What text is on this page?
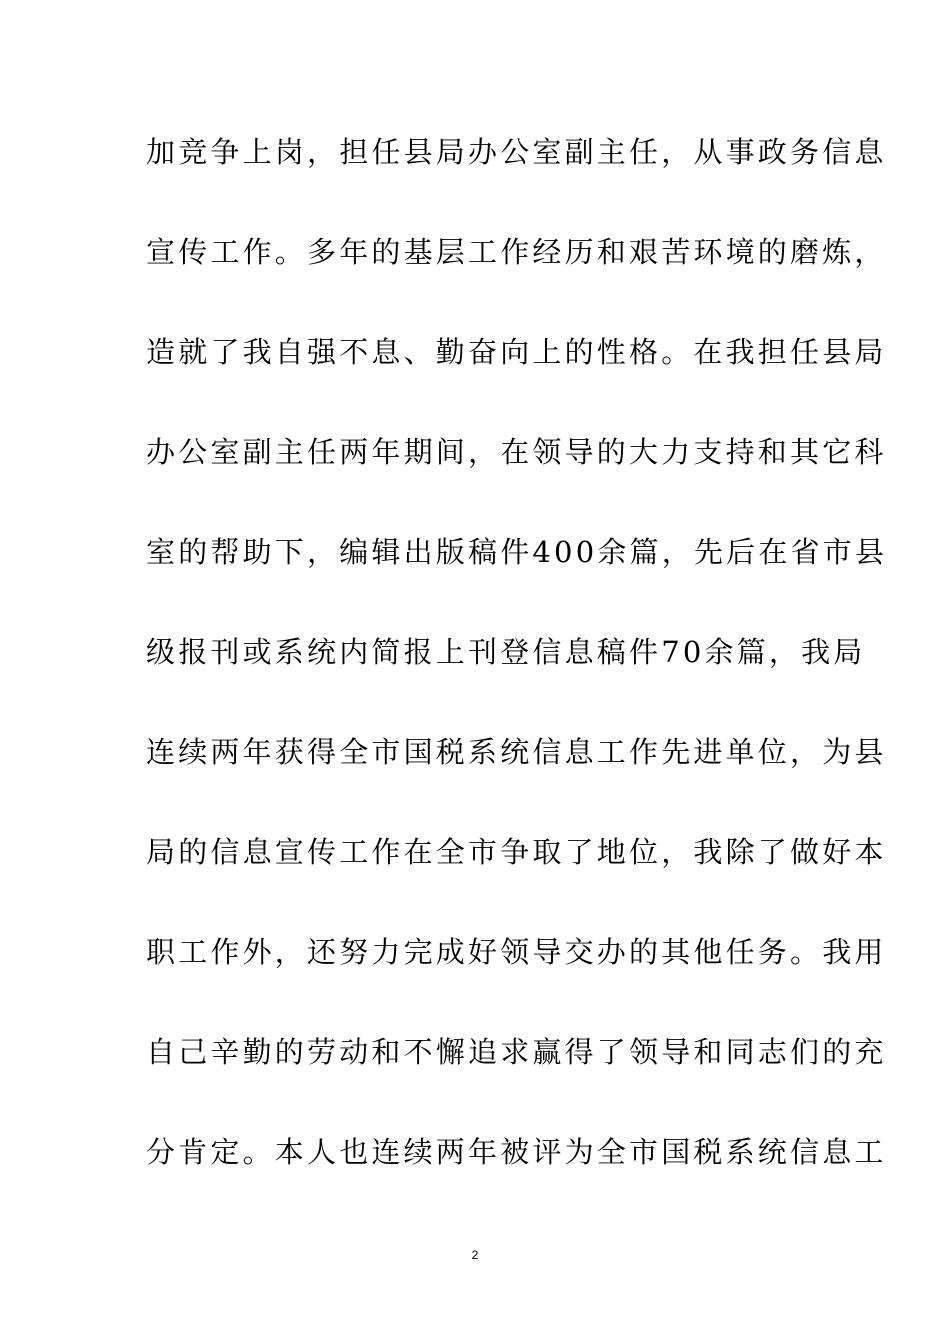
加竞争上岗，担任县局办公室副主任，从事政务信息
宣传工作。多年的基层工作经历和艰苦环境的磨炼，
造就了我自强不息、勤奋向上的性格。在我担任县局
办公室副主任两年期间，在领导的大力支持和其它科
室的帮助下，编辑出版稿件400余篇，先后在省市县
级报刊或系统内简报上刊登信息稿件70余篇，我局
连续两年获得全市国税系统信息工作先进单位，为县
局的信息宣传工作在全市争取了地位，我除了做好本
职工作外，还努力完成好领导交办的其他任务。我用
自己辛勤的劳动和不懈追求赢得了领导和同志们的充
分肯定。本人也连续两年被评为全市国税系统信息工
2
